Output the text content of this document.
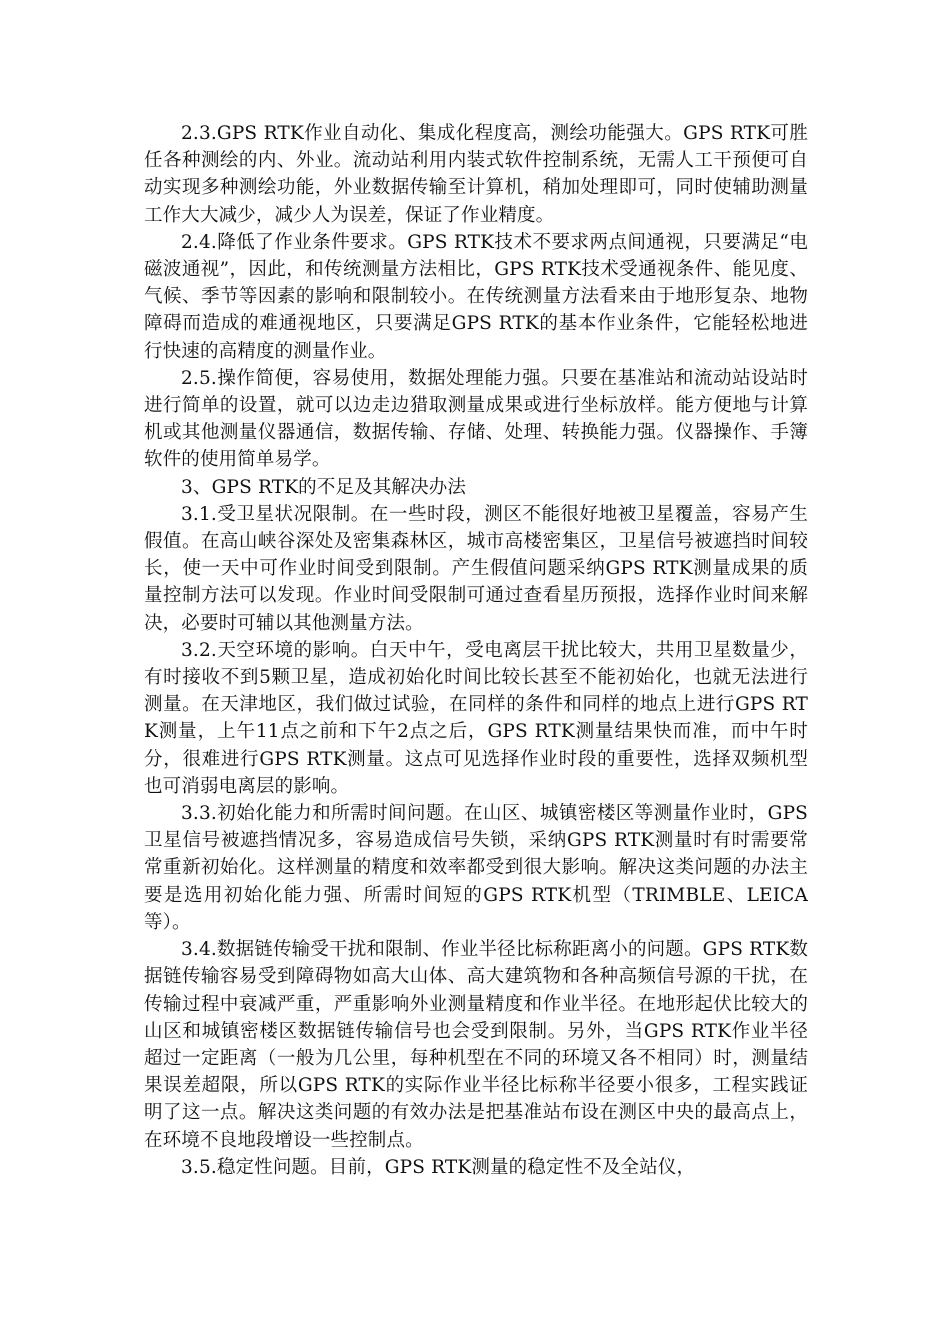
2.3.GPS RTK作业自动化、集成化程度高，测绘功能强大。GPS RTK可胜任各种测绘的内、外业。流动站利用内装式软件控制系统，无需人工干预便可自动实现多种测绘功能，外业数据传输至计算机，稍加处理即可，同时使辅助测量工作大大减少，减少人为误差，保证了作业精度。

2.4.降低了作业条件要求。GPS RTK技术不要求两点间通视，只要满足“电磁波通视”，因此，和传统测量方法相比，GPS RTK技术受通视条件、能见度、气候、季节等因素的影响和限制较小。在传统测量方法看来由于地形复杂、地物障碍而造成的难通视地区，只要满足GPS RTK的基本作业条件，它能轻松地进行快速的高精度的测量作业。

2.5.操作简便，容易使用，数据处理能力强。只要在基准站和流动站设站时进行简单的设置，就可以边走边猎取测量成果或进行坐标放样。能方便地与计算机或其他测量仪器通信，数据传输、存储、处理、转换能力强。仪器操作、手簿软件的使用简单易学。

3、GPS RTK的不足及其解决办法

3.1.受卫星状况限制。在一些时段，测区不能很好地被卫星覆盖，容易产生假值。在高山峡谷深处及密集森林区，城市高楼密集区，卫星信号被遮挡时间较长，使一天中可作业时间受到限制。产生假值问题采纳GPS RTK测量成果的质量控制方法可以发现。作业时间受限制可通过查看星历预报，选择作业时间来解决，必要时可辅以其他测量方法。

3.2.天空环境的影响。白天中午，受电离层干扰比较大，共用卫星数量少，有时接收不到5颗卫星，造成初始化时间比较长甚至不能初始化，也就无法进行测量。在天津地区，我们做过试验，在同样的条件和同样的地点上进行GPS RTK测量，上午11点之前和下午2点之后，GPS RTK测量结果快而准，而中午时分，很难进行GPS RTK测量。这点可见选择作业时段的重要性，选择双频机型也可消弱电离层的影响。

3.3.初始化能力和所需时间问题。在山区、城镇密楼区等测量作业时，GPS卫星信号被遮挡情况多，容易造成信号失锁，采纳GPS RTK测量时有时需要常常重新初始化。这样测量的精度和效率都受到很大影响。解决这类问题的办法主要是选用初始化能力强、所需时间短的GPS RTK机型（TRIMBLE、LEICA等）。

3.4.数据链传输受干扰和限制、作业半径比标称距离小的问题。GPS RTK数据链传输容易受到障碍物如高大山体、高大建筑物和各种高频信号源的干扰，在传输过程中衰减严重，严重影响外业测量精度和作业半径。在地形起伏比较大的山区和城镇密楼区数据链传输信号也会受到限制。另外，当GPS RTK作业半径超过一定距离（一般为几公里，每种机型在不同的环境又各不相同）时，测量结果误差超限，所以GPS RTK的实际作业半径比标称半径要小很多，工程实践证明了这一点。解决这类问题的有效办法是把基准站布设在测区中央的最高点上，在环境不良地段增设一些控制点。

3.5.稳定性问题。目前，GPS RTK测量的稳定性不及全站仪，
